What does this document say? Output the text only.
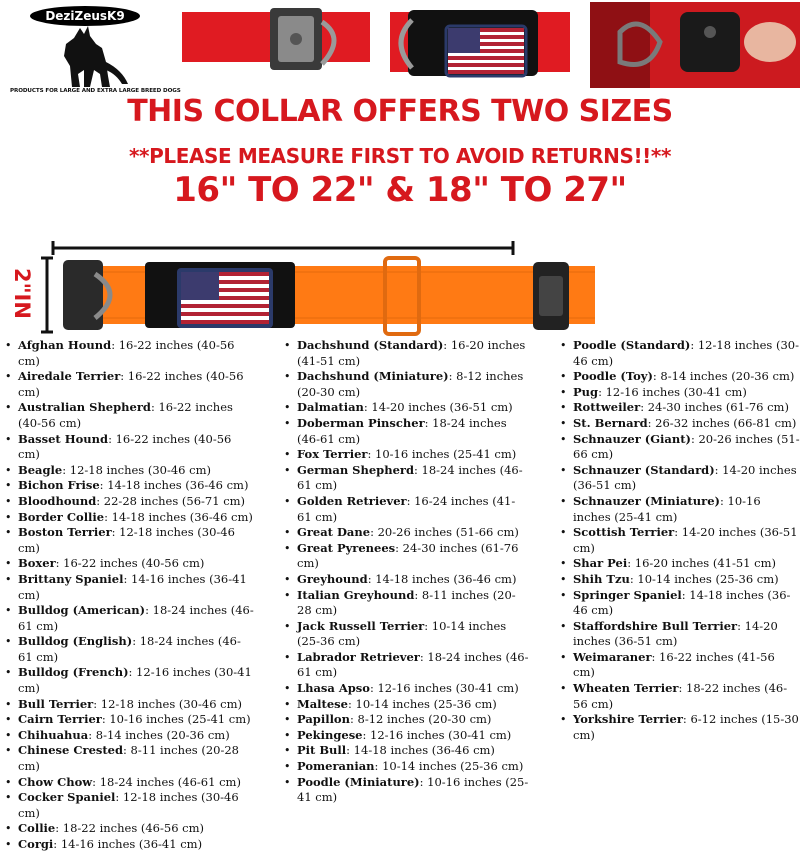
DeziZeusK9
PRODUCTS FOR LARGE AND EXTRA LARGE BREED DOGS
THIS COLLAR OFFERS TWO SIZES
**PLEASE MEASURE FIRST TO AVOID RETURNS!!**
16" TO 22" & 18" TO 27"
2"IN
• Afghan Hound: 16-22 inches (40-56 cm)
• Airedale Terrier: 16-22 inches (40-56 cm)
• Australian Shepherd: 16-22 inches (40-56 cm)
• Basset Hound: 16-22 inches (40-56 cm)
• Beagle: 12-18 inches (30-46 cm)
• Bichon Frise: 14-18 inches (36-46 cm)
• Bloodhound: 22-28 inches (56-71 cm)
• Border Collie: 14-18 inches (36-46 cm)
• Boston Terrier: 12-18 inches (30-46 cm)
• Boxer: 16-22 inches (40-56 cm)
• Brittany Spaniel: 14-16 inches (36-41 cm)
• Bulldog (American): 18-24 inches (46-61 cm)
• Bulldog (English): 18-24 inches (46-61 cm)
• Bulldog (French): 12-16 inches (30-41 cm)
• Bull Terrier: 12-18 inches (30-46 cm)
• Cairn Terrier: 10-16 inches (25-41 cm)
• Chihuahua: 8-14 inches (20-36 cm)
• Chinese Crested: 8-11 inches (20-28 cm)
• Chow Chow: 18-24 inches (46-61 cm)
• Cocker Spaniel: 12-18 inches (30-46 cm)
• Collie: 18-22 inches (46-56 cm)
• Corgi: 14-16 inches (36-41 cm)
• Dachshund (Standard): 16-20 inches (41-51 cm)
• Dachshund (Miniature): 8-12 inches (20-30 cm)
• Dalmatian: 14-20 inches (36-51 cm)
• Doberman Pinscher: 18-24 inches (46-61 cm)
• Fox Terrier: 10-16 inches (25-41 cm)
• German Shepherd: 18-24 inches (46-61 cm)
• Golden Retriever: 16-24 inches (41-61 cm)
• Great Dane: 20-26 inches (51-66 cm)
• Great Pyrenees: 24-30 inches (61-76 cm)
• Greyhound: 14-18 inches (36-46 cm)
• Italian Greyhound: 8-11 inches (20-28 cm)
• Jack Russell Terrier: 10-14 inches (25-36 cm)
• Labrador Retriever: 18-24 inches (46-61 cm)
• Lhasa Apso: 12-16 inches (30-41 cm)
• Maltese: 10-14 inches (25-36 cm)
• Papillon: 8-12 inches (20-30 cm)
• Pekingese: 12-16 inches (30-41 cm)
• Pit Bull: 14-18 inches (36-46 cm)
• Pomeranian: 10-14 inches (25-36 cm)
• Poodle (Miniature): 10-16 inches (25-41 cm)
• Poodle (Standard): 12-18 inches (30-46 cm)
• Poodle (Toy): 8-14 inches (20-36 cm)
• Pug: 12-16 inches (30-41 cm)
• Rottweiler: 24-30 inches (61-76 cm)
• St. Bernard: 26-32 inches (66-81 cm)
• Schnauzer (Giant): 20-26 inches (51-66 cm)
• Schnauzer (Standard): 14-20 inches (36-51 cm)
• Schnauzer (Miniature): 10-16 inches (25-41 cm)
• Scottish Terrier: 14-20 inches (36-51 cm)
• Shar Pei: 16-20 inches (41-51 cm)
• Shih Tzu: 10-14 inches (25-36 cm)
• Springer Spaniel: 14-18 inches (36-46 cm)
• Staffordshire Bull Terrier: 14-20 inches (36-51 cm)
• Weimaraner: 16-22 inches (41-56 cm)
• Wheaten Terrier: 18-22 inches (46-56 cm)
• Yorkshire Terrier: 6-12 inches (15-30 cm)
